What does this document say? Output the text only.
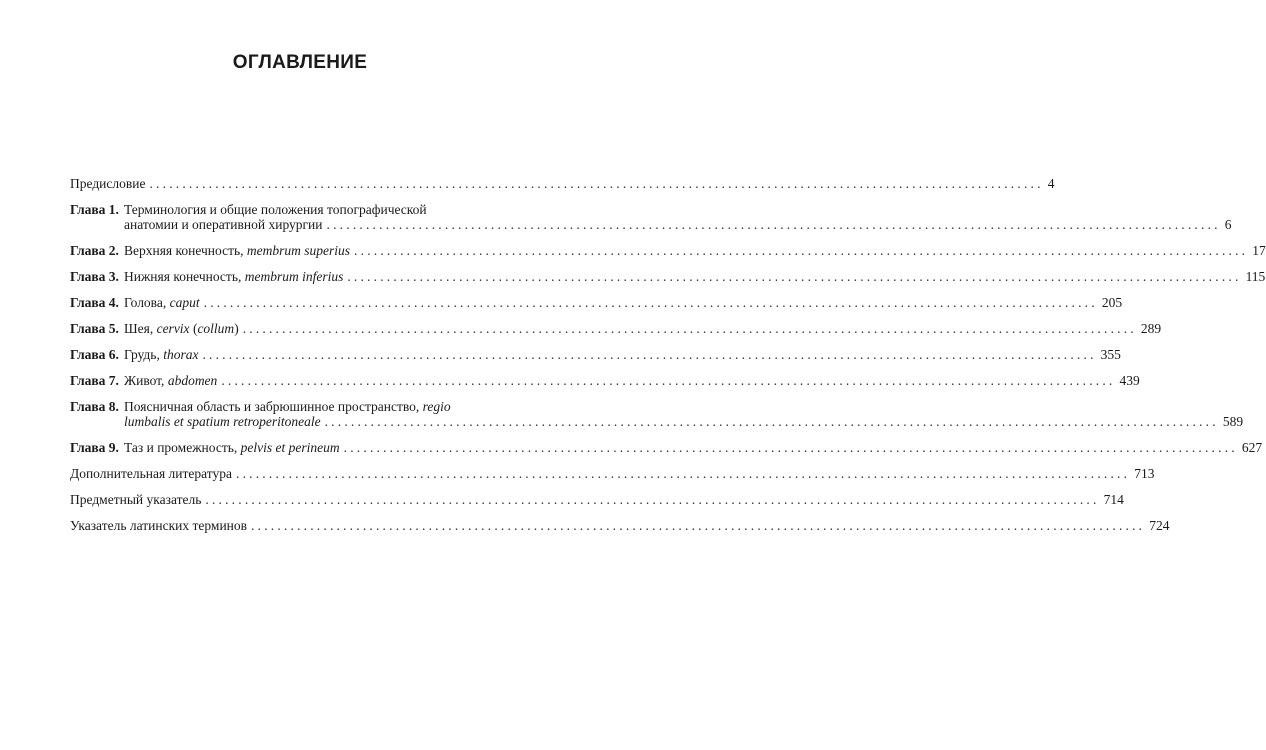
ОГЛАВЛЕНИЕ
Предисловие ........................................................................................................................................ 4
Глава 1. Терминология и общие положения топографической
анатомии и оперативной хирургии ........................................................................................................................................ 6
Глава 2. Верхняя конечность, membrum superius ........................................................................................................................................ 17
Глава 3. Нижняя конечность, membrum inferius ........................................................................................................................................ 115
Глава 4. Голова, caput ........................................................................................................................................ 205
Глава 5. Шея, cervix (collum) ........................................................................................................................................ 289
Глава 6. Грудь, thorax ........................................................................................................................................ 355
Глава 7. Живот, abdomen ........................................................................................................................................ 439
Глава 8. Поясничная область и забрюшинное пространство, regio
lumbalis et spatium retroperitoneale ........................................................................................................................................ 589
Глава 9. Таз и промежность, pelvis et perineum ........................................................................................................................................ 627
Дополнительная литература ........................................................................................................................................ 713
Предметный указатель ........................................................................................................................................ 714
Указатель латинских терминов ........................................................................................................................................ 724
